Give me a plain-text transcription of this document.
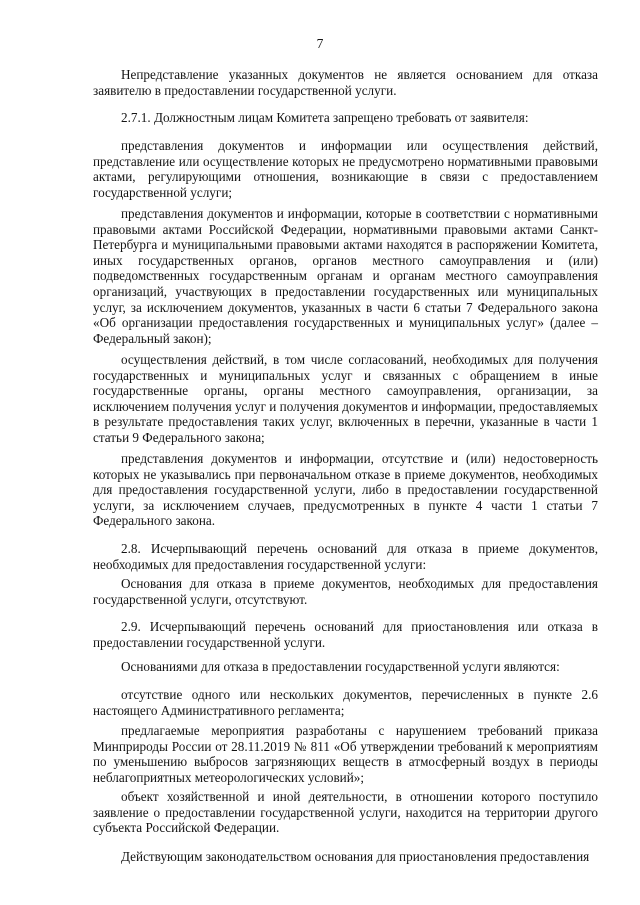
7

Непредставление указанных документов не является основанием для отказа заявителю в предоставлении государственной услуги.

2.7.1. Должностным лицам Комитета запрещено требовать от заявителя:

представления документов и информации или осуществления действий, представление или осуществление которых не предусмотрено нормативными правовыми актами, регулирующими отношения, возникающие в связи с предоставлением государственной услуги;

представления документов и информации, которые в соответствии с нормативными правовыми актами Российской Федерации, нормативными правовыми актами Санкт-Петербурга и муниципальными правовыми актами находятся в распоряжении Комитета, иных государственных органов, органов местного самоуправления и (или) подведомственных государственным органам и органам местного самоуправления организаций, участвующих в предоставлении государственных или муниципальных услуг, за исключением документов, указанных в части 6 статьи 7 Федерального закона «Об организации предоставления государственных и муниципальных услуг» (далее – Федеральный закон);

осуществления действий, в том числе согласований, необходимых для получения государственных и муниципальных услуг и связанных с обращением в иные государственные органы, органы местного самоуправления, организации, за исключением получения услуг и получения документов и информации, предоставляемых в результате предоставления таких услуг, включенных в перечни, указанные в части 1 статьи 9 Федерального закона;

представления документов и информации, отсутствие и (или) недостоверность которых не указывались при первоначальном отказе в приеме документов, необходимых для предоставления государственной услуги, либо в предоставлении государственной услуги, за исключением случаев, предусмотренных в пункте 4 части 1 статьи 7 Федерального закона.

2.8. Исчерпывающий перечень оснований для отказа в приеме документов, необходимых для предоставления государственной услуги:

Основания для отказа в приеме документов, необходимых для предоставления государственной услуги, отсутствуют.

2.9. Исчерпывающий перечень оснований для приостановления или отказа в предоставлении государственной услуги.

Основаниями для отказа в предоставлении государственной услуги являются:

отсутствие одного или нескольких документов, перечисленных в пункте 2.6 настоящего Административного регламента;

предлагаемые мероприятия разработаны с нарушением требований приказа Минприроды России от 28.11.2019 № 811 «Об утверждении требований к мероприятиям по уменьшению выбросов загрязняющих веществ в атмосферный воздух в периоды неблагоприятных метеорологических условий»;

объект хозяйственной и иной деятельности, в отношении которого поступило заявление о предоставлении государственной услуги, находится на территории другого субъекта Российской Федерации.

Действующим законодательством основания для приостановления предоставления
